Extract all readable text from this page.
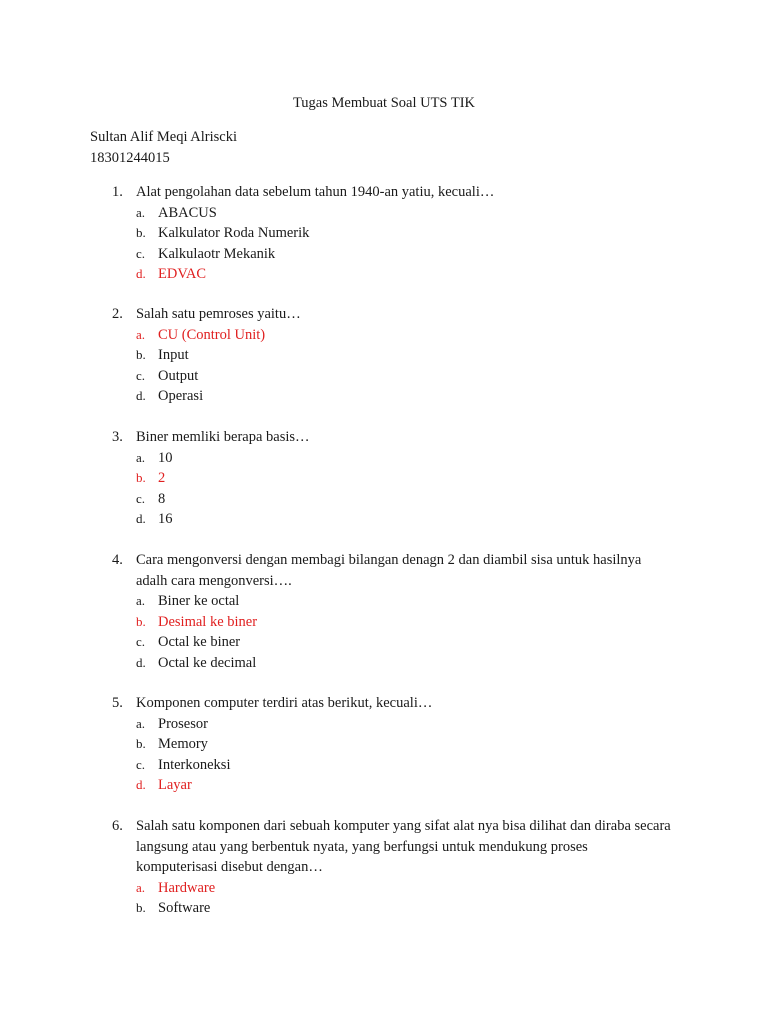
Tugas Membuat Soal UTS TIK
Sultan Alif Meqi Alriscki
18301244015
1. Alat pengolahan data sebelum tahun 1940-an yatiu, kecuali…
a. ABACUS
b. Kalkulator Roda Numerik
c. Kalkulaotr Mekanik
d. EDVAC
2. Salah satu pemroses yaitu…
a. CU (Control Unit)
b. Input
c. Output
d. Operasi
3. Biner memliki berapa basis…
a. 10
b. 2
c. 8
d. 16
4. Cara mengonversi dengan membagi bilangan denagn 2 dan diambil sisa untuk hasilnya adalh cara mengonversi….
a. Biner ke octal
b. Desimal ke biner
c. Octal ke biner
d. Octal ke decimal
5. Komponen computer terdiri atas berikut, kecuali…
a. Prosesor
b. Memory
c. Interkoneksi
d. Layar
6. Salah satu komponen dari sebuah komputer yang sifat alat nya bisa dilihat dan diraba secara langsung atau yang berbentuk nyata, yang berfungsi untuk mendukung proses komputerisasi disebut dengan…
a. Hardware
b. Software
